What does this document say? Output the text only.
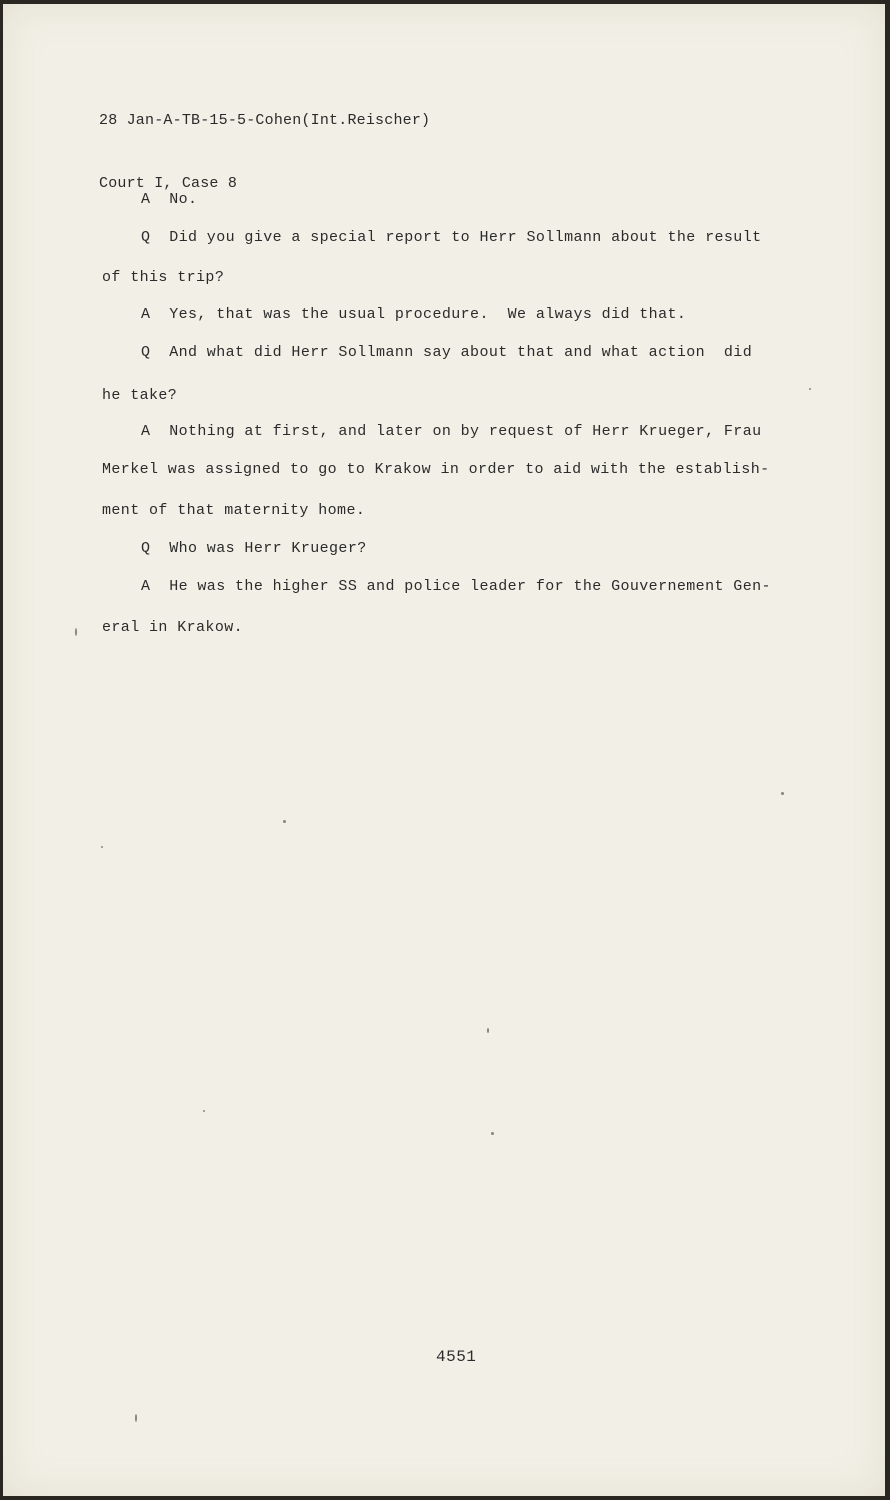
28 Jan-A-TB-15-5-Cohen(Int.Reischer)

Court I, Case 8

A  No.
Q  Did you give a special report to Herr Sollmann about the result
of this trip?
A  Yes, that was the usual procedure.  We always did that.
Q  And what did Herr Sollmann say about that and what action  did
he take?
A  Nothing at first, and later on by request of Herr Krueger, Frau
Merkel was assigned to go to Krakow in order to aid with the establish-
ment of that maternity home.
Q  Who was Herr Krueger?
A  He was the higher SS and police leader for the Gouvernement Gen-
eral in Krakow.
4551
